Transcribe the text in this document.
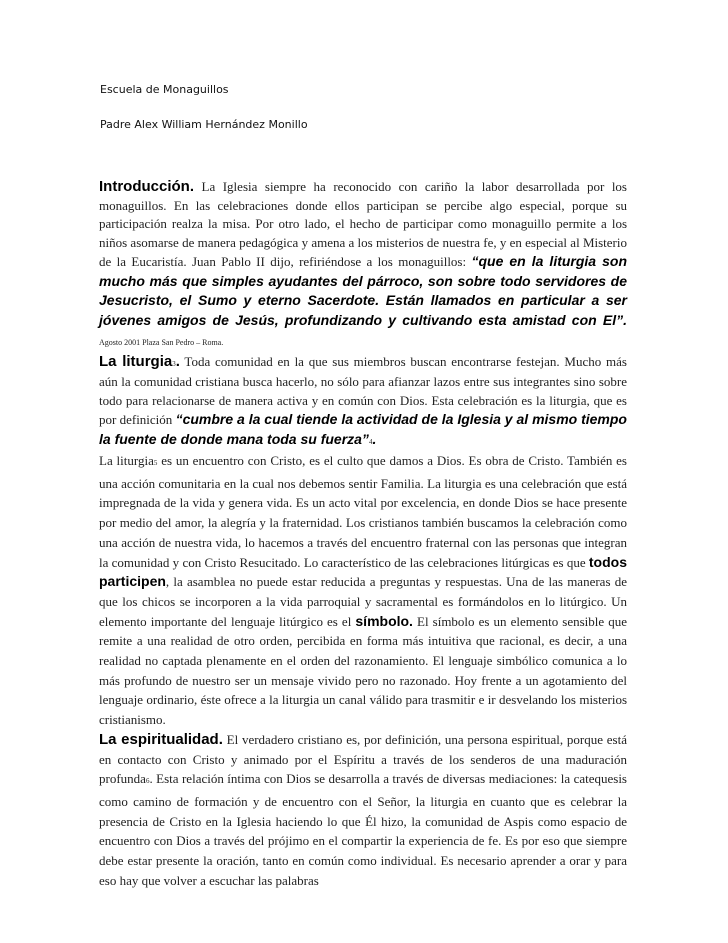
Escuela de Monaguillos
Padre Alex William Hernández Monillo

Introducción. La Iglesia siempre ha reconocido con cariño la labor desarrollada por los monaguillos. En las celebraciones donde ellos participan se percibe algo especial, porque su participación realza la misa. Por otro lado, el hecho de participar como monaguillo permite a los niños asomarse de manera pedagógica y amena a los misterios de nuestra fe, y en especial al Misterio de la Eucaristía. Juan Pablo II dijo, refiriéndose a los monaguillos: “que en la liturgia son mucho más que simples ayudantes del párroco, son sobre todo servidores de Jesucristo, el Sumo y eterno Sacerdote. Están llamados en particular a ser jóvenes amigos de Jesús, profundizando y cultivando esta amistad con El”. Agosto 2001 Plaza San Pedro – Roma.

La liturgia3. Toda comunidad en la que sus miembros buscan encontrarse festejan. Mucho más aún la comunidad cristiana busca hacerlo, no sólo para afianzar lazos entre sus integrantes sino sobre todo para relacionarse de manera activa y en común con Dios. Esta celebración es la liturgia, que es por definición “cumbre a la cual tiende la actividad de la Iglesia y al mismo tiempo la fuente de donde mana toda su fuerza”4.

La liturgia5 es un encuentro con Cristo, es el culto que damos a Dios. Es obra de Cristo. También es una acción comunitaria en la cual nos debemos sentir Familia. La liturgia es una celebración que está impregnada de la vida y genera vida. Es un acto vital por excelencia, en donde Dios se hace presente por medio del amor, la alegría y la fraternidad. Los cristianos también buscamos la celebración como una acción de nuestra vida, lo hacemos a través del encuentro fraternal con las personas que integran la comunidad y con Cristo Resucitado. Lo característico de las celebraciones litúrgicas es que todos participen, la asamblea no puede estar reducida a preguntas y respuestas. Una de las maneras de que los chicos se incorporen a la vida parroquial y sacramental es formándolos en lo litúrgico. Un elemento importante del lenguaje litúrgico es el símbolo. El símbolo es un elemento sensible que remite a una realidad de otro orden, percibida en forma más intuitiva que racional, es decir, a una realidad no captada plenamente en el orden del razonamiento. El lenguaje simbólico comunica a lo más profundo de nuestro ser un mensaje vivido pero no razonado. Hoy frente a un agotamiento del lenguaje ordinario, éste ofrece a la liturgia un canal válido para trasmitir e ir desvelando los misterios cristianismo.

La espiritualidad. El verdadero cristiano es, por definición, una persona espiritual, porque está en contacto con Cristo y animado por el Espíritu a través de los senderos de una maduración profunda6. Esta relación íntima con Dios se desarrolla a través de diversas mediaciones: la catequesis como camino de formación y de encuentro con el Señor, la liturgia en cuanto que es celebrar la presencia de Cristo en la Iglesia haciendo lo que Él hizo, la comunidad de Aspis como espacio de encuentro con Dios a través del prójimo en el compartir la experiencia de fe. Es por eso que siempre debe estar presente la oración, tanto en común como individual. Es necesario aprender a orar y para eso hay que volver a escuchar las palabras
